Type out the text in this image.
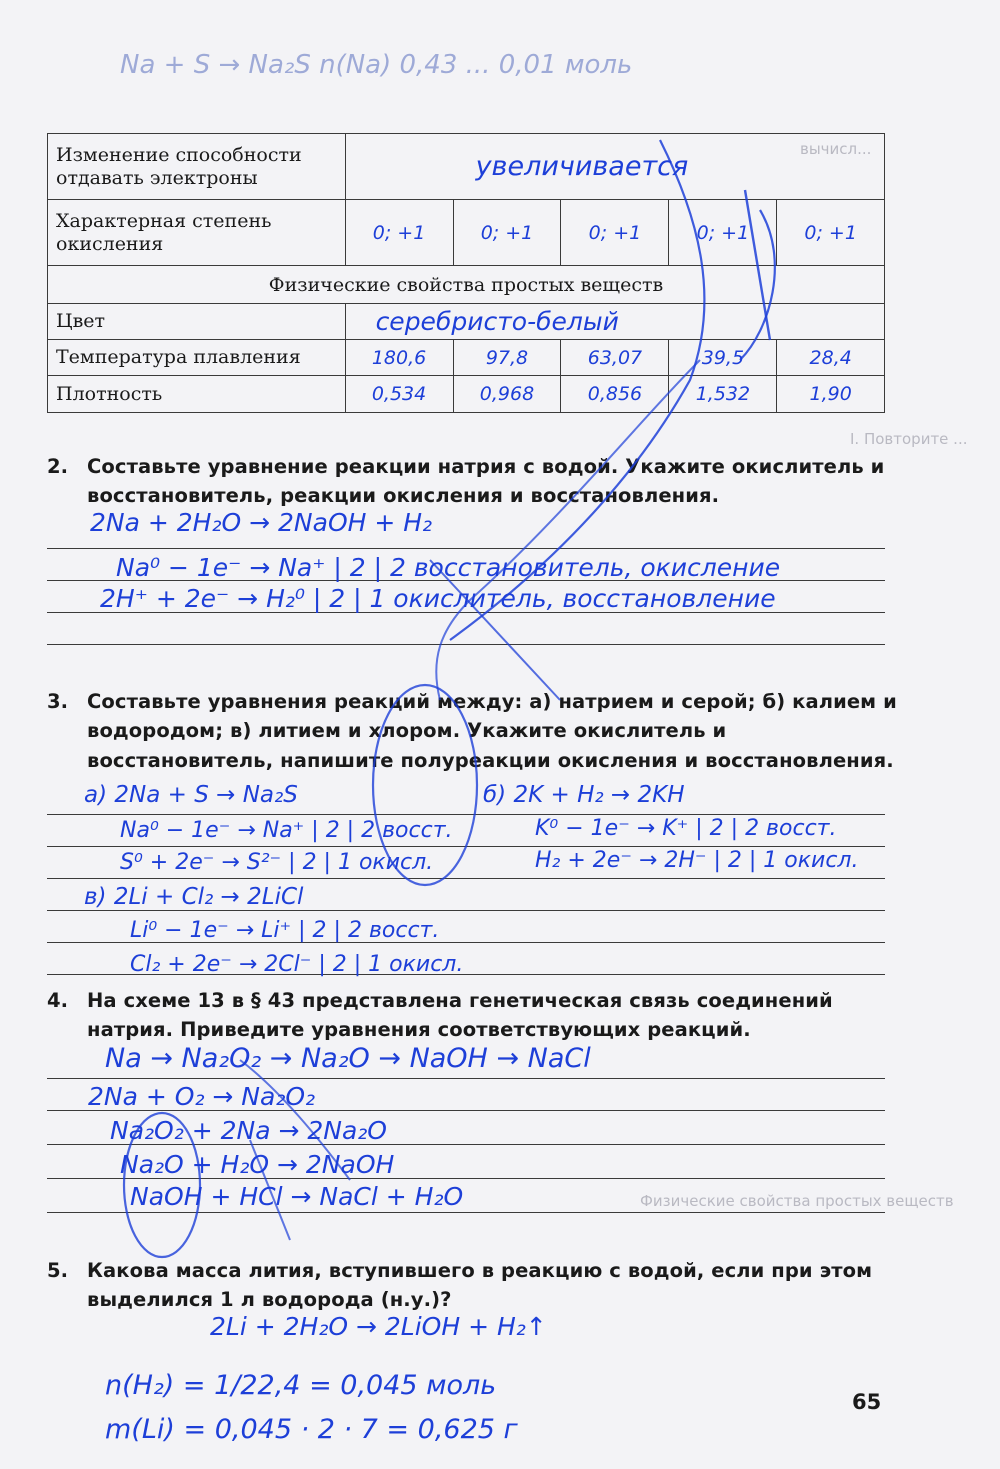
вычисл...
I. Повторите ...
Физические свойства простых веществ
Na + S → Na₂S n(Na) 0,43 ... 0,01 моль
Изменение способности отдавать электроны	увеличивается				
Характерная степень окисления	0; +1	0; +1	0; +1	0; +1	0; +1
Физические свойства простых веществ					
Цвет	серебристо-белый				
Температура плавления	180,6	97,8	63,07	39,5	28,4
Плотность	0,534	0,968	0,856	1,532	1,90
2. Составьте уравнение реакции натрия с водой. Укажите окислитель и восстановитель, реакции окисления и восстановления.
2Na + 2H₂O → 2NaOH + H₂
Na⁰ − 1e⁻ → Na⁺ | 2 | 2 восстановитель, окисление
2H⁺ + 2e⁻ → H₂⁰ | 2 | 1 окислитель, восстановление
3. Составьте уравнения реакций между: а) натрием и серой; б) калием и водородом; в) литием и хлором. Укажите окислитель и восстановитель, напишите полуреакции окисления и восстановления.
а) 2Na + S → Na₂S
Na⁰ − 1e⁻ → Na⁺ | 2 | 2 восст.
S⁰ + 2e⁻ → S²⁻ | 2 | 1 окисл.
б) 2K + H₂ → 2KH
K⁰ − 1e⁻ → K⁺ | 2 | 2 восст.
H₂ + 2e⁻ → 2H⁻ | 2 | 1 окисл.
в) 2Li + Cl₂ → 2LiCl
Li⁰ − 1e⁻ → Li⁺ | 2 | 2 восст.
Cl₂ + 2e⁻ → 2Cl⁻ | 2 | 1 окисл.
4. На схеме 13 в § 43 представлена генетическая связь соединений натрия. Приведите уравнения соответствующих реакций.
Na → Na₂O₂ → Na₂O → NaOH → NaCl
2Na + O₂ → Na₂O₂
Na₂O₂ + 2Na → 2Na₂O
Na₂O + H₂O → 2NaOH
NaOH + HCl → NaCl + H₂O
5. Какова масса лития, вступившего в реакцию с водой, если при этом выделился 1 л водорода (н.у.)?
2Li + 2H₂O → 2LiOH + H₂↑
n(H₂) = 1/22,4 = 0,045 моль
m(Li) = 0,045 · 2 · 7 = 0,625 г
65
